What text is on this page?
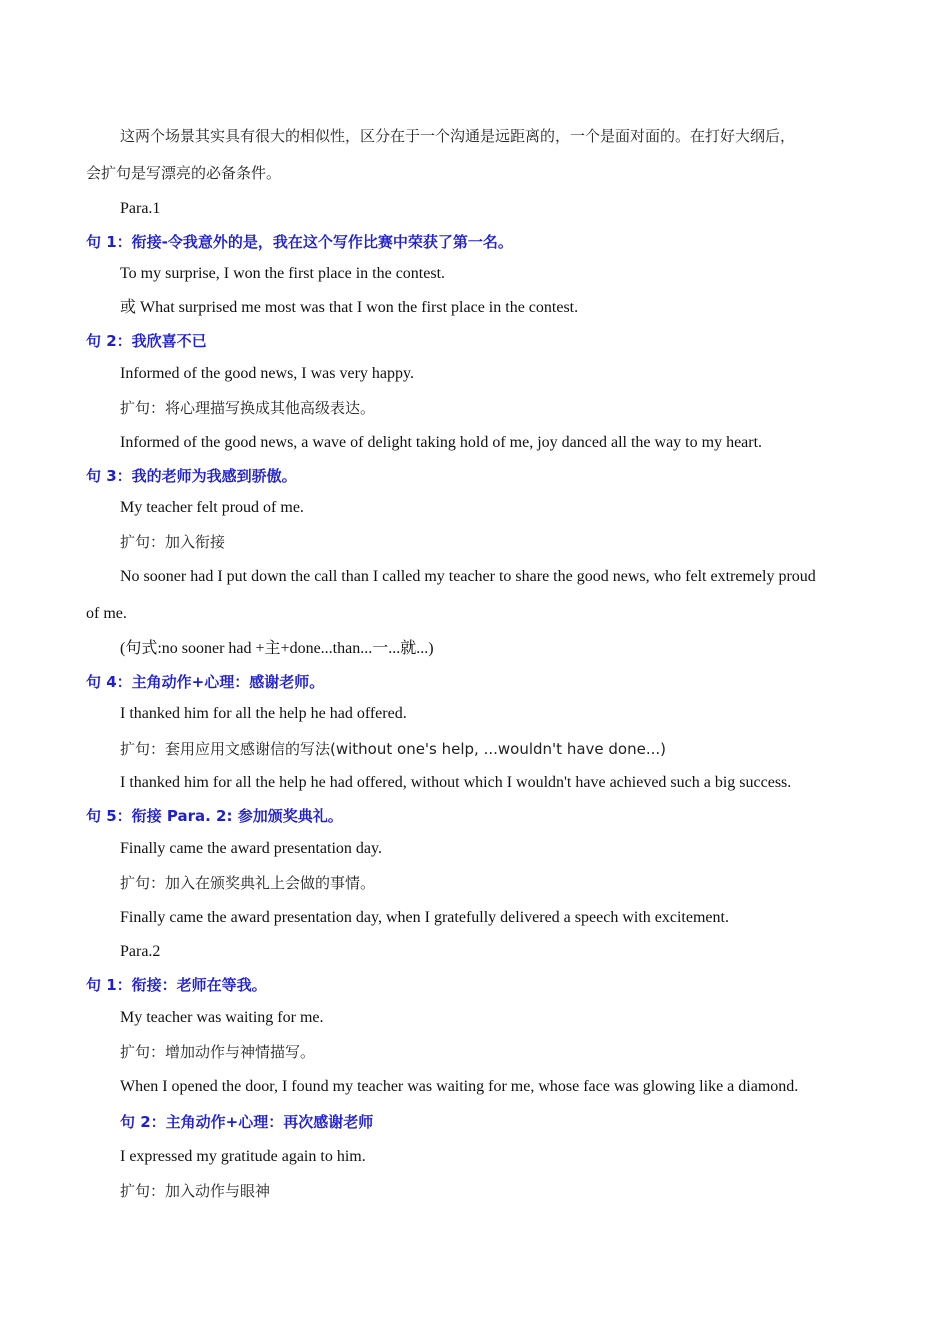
这两个场景其实具有很大的相似性，区分在于一个沟通是远距离的，一个是面对面的。在打好大纲后，
会扩句是写漂亮的必备条件。
Para.1
句 1：衔接-令我意外的是，我在这个写作比赛中荣获了第一名。
To my surprise, I won the first place in the contest.
或 What surprised me most was that I won the first place in the contest.
句 2：我欣喜不已
Informed of the good news, I was very happy.
扩句：将心理描写换成其他高级表达。
Informed of the good news, a wave of delight taking hold of me, joy danced all the way to my heart.
句 3：我的老师为我感到骄傲。
My teacher felt proud of me.
扩句：加入衔接
No sooner had I put down the call than I called my teacher to share the good news, who felt extremely proud
of me.
(句式:no sooner had +主+done...than...一...就...)
句 4：主角动作+心理：感谢老师。
I thanked him for all the help he had offered.
扩句：套用应用文感谢信的写法(without one's help, ...wouldn't have done...)
I thanked him for all the help he had offered, without which I wouldn't have achieved such a big success.
句 5：衔接 Para. 2: 参加颁奖典礼。
Finally came the award presentation day.
扩句：加入在颁奖典礼上会做的事情。
Finally came the award presentation day, when I gratefully delivered a speech with excitement.
Para.2
句 1：衔接：老师在等我。
My teacher was waiting for me.
扩句：增加动作与神情描写。
When I opened the door, I found my teacher was waiting for me, whose face was glowing like a diamond.
句 2：主角动作+心理：再次感谢老师
I expressed my gratitude again to him.
扩句：加入动作与眼神
